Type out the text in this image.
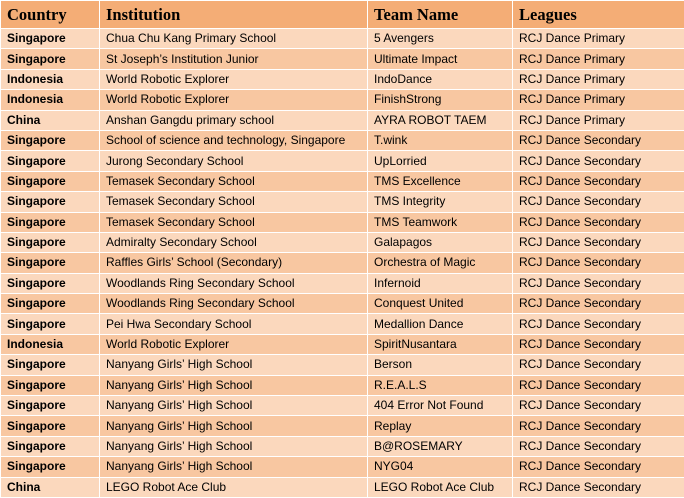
Country	Institution	Team Name	Leagues
Singapore	Chua Chu Kang Primary School	5 Avengers	RCJ Dance Primary
Singapore	St Joseph’s Institution Junior	Ultimate Impact	RCJ Dance Primary
Indonesia	World Robotic Explorer	IndoDance	RCJ Dance Primary
Indonesia	World Robotic Explorer	FinishStrong	RCJ Dance Primary
China	Anshan Gangdu primary school	AYRA ROBOT TAEM	RCJ Dance Primary
Singapore	School of science and technology, Singapore	T.wink	RCJ Dance Secondary
Singapore	Jurong Secondary School	UpLorried	RCJ Dance Secondary
Singapore	Temasek Secondary School	TMS Excellence	RCJ Dance Secondary
Singapore	Temasek Secondary School	TMS Integrity	RCJ Dance Secondary
Singapore	Temasek Secondary School	TMS Teamwork	RCJ Dance Secondary
Singapore	Admiralty Secondary School	Galapagos	RCJ Dance Secondary
Singapore	Raffles Girls’ School (Secondary)	Orchestra of Magic	RCJ Dance Secondary
Singapore	Woodlands Ring Secondary School	Infernoid	RCJ Dance Secondary
Singapore	Woodlands Ring Secondary School	Conquest United	RCJ Dance Secondary
Singapore	Pei Hwa Secondary School	Medallion Dance	RCJ Dance Secondary
Indonesia	World Robotic Explorer	SpiritNusantara	RCJ Dance Secondary
Singapore	Nanyang Girls’ High School	Berson	RCJ Dance Secondary
Singapore	Nanyang Girls’ High School	R.E.A.L.S	RCJ Dance Secondary
Singapore	Nanyang Girls’ High School	404 Error Not Found	RCJ Dance Secondary
Singapore	Nanyang Girls’ High School	Replay	RCJ Dance Secondary
Singapore	Nanyang Girls’ High School	B@ROSEMARY	RCJ Dance Secondary
Singapore	Nanyang Girls’ High School	NYG04	RCJ Dance Secondary
China	LEGO Robot Ace Club	LEGO Robot Ace Club	RCJ Dance Secondary
